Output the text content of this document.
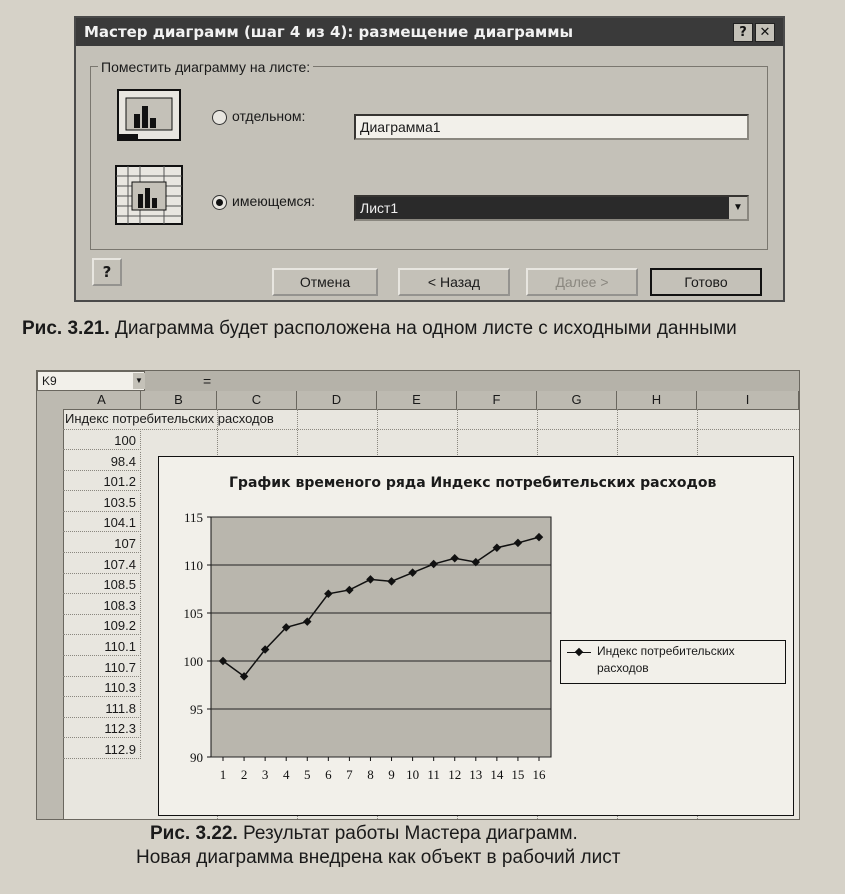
Мастер диаграмм (шаг 4 из 4): размещение диаграммы	? ✕
Поместить диаграмму на листе:
отдельном:
Диаграмма1
имеющемся:	Лист1	▼
?
Отмена	< Назад	Далее >	Готово
Рис. 3.21. Диаграмма будет расположена на одном листе с исходными данными
K9	▼	=
A	B	C	D	E	F	G	H	I
Индекс потребительских расходов
100
98.4
101.2
103.5
104.1
107
107.4
108.5
108.3
109.2
110.1
110.7
110.3
111.8
112.3
112.9
График временого ряда Индекс потребительских расходов
90
95
100
105
110
115
1 2 3 4 5 6 7 8 9 10 11 12 13 14 15 16
Индекс потребительских расходов
Рис. 3.22. Результат работы Мастера диаграмм.
Новая диаграмма внедрена как объект в рабочий лист
